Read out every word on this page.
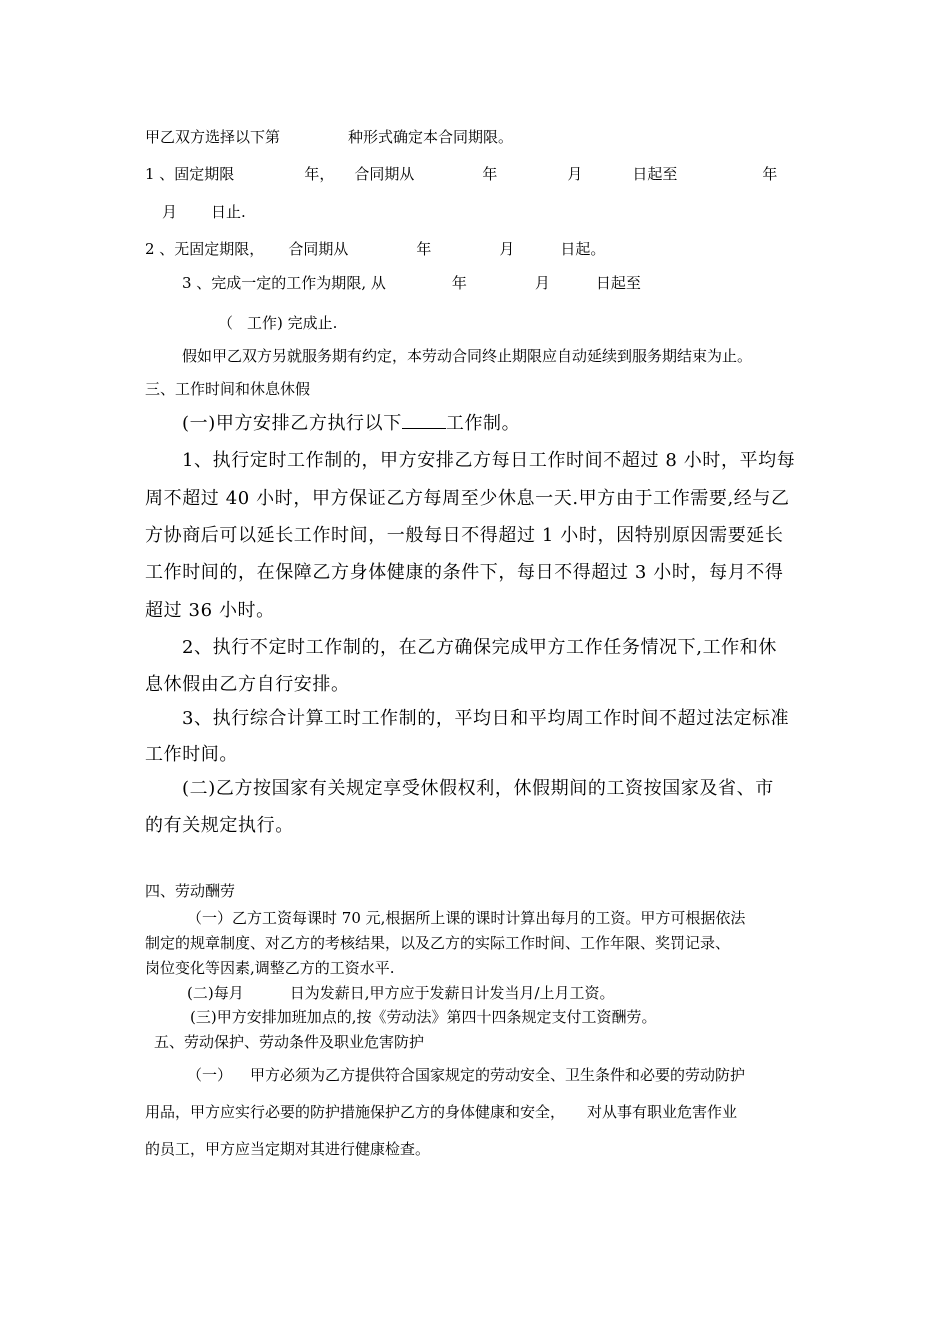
甲乙双方选择以下第	种形式确定本合同期限。
1 、固定期限	年， 合同期从	年	月	日起至	年
月 日止.
2 、无固定期限， 合同期从	年	月	日起。
3 、完成一定的工作为期限, 从	年	月	日起至
（ 工作) 完成止.
假如甲乙双方另就服务期有约定，本劳动合同终止期限应自动延续到服务期结束为止。
三、工作时间和休息休假
(一)甲方安排乙方执行以下 工作制。
1、执行定时工作制的，甲方安排乙方每日工作时间不超过 8 小时，平均每
周不超过 40 小时，甲方保证乙方每周至少休息一天.甲方由于工作需要,经与乙
方协商后可以延长工作时间，一般每日不得超过 1 小时，因特别原因需要延长
工作时间的，在保障乙方身体健康的条件下，每日不得超过 3 小时，每月不得
超过 36 小时。
2、执行不定时工作制的，在乙方确保完成甲方工作任务情况下,工作和休
息休假由乙方自行安排。
3、执行综合计算工时工作制的，平均日和平均周工作时间不超过法定标准
工作时间。
(二)乙方按国家有关规定享受休假权利，休假期间的工资按国家及省、市
的有关规定执行。
四、劳动酬劳
（一）乙方工资每课时 70 元,根据所上课的课时计算出每月的工资。甲方可根据依法
制定的规章制度、对乙方的考核结果，以及乙方的实际工作时间、工作年限、奖罚记录、
岗位变化等因素,调整乙方的工资水平.
(二)每月	日为发薪日,甲方应于发薪日计发当月/上月工资。
(三)甲方安排加班加点的,按《劳动法》第四十四条规定支付工资酬劳。
五、劳动保护、劳动条件及职业危害防护
（一） 甲方必须为乙方提供符合国家规定的劳动安全、卫生条件和必要的劳动防护
用品，甲方应实行必要的防护措施保护乙方的身体健康和安全， 对从事有职业危害作业
的员工，甲方应当定期对其进行健康检查。
